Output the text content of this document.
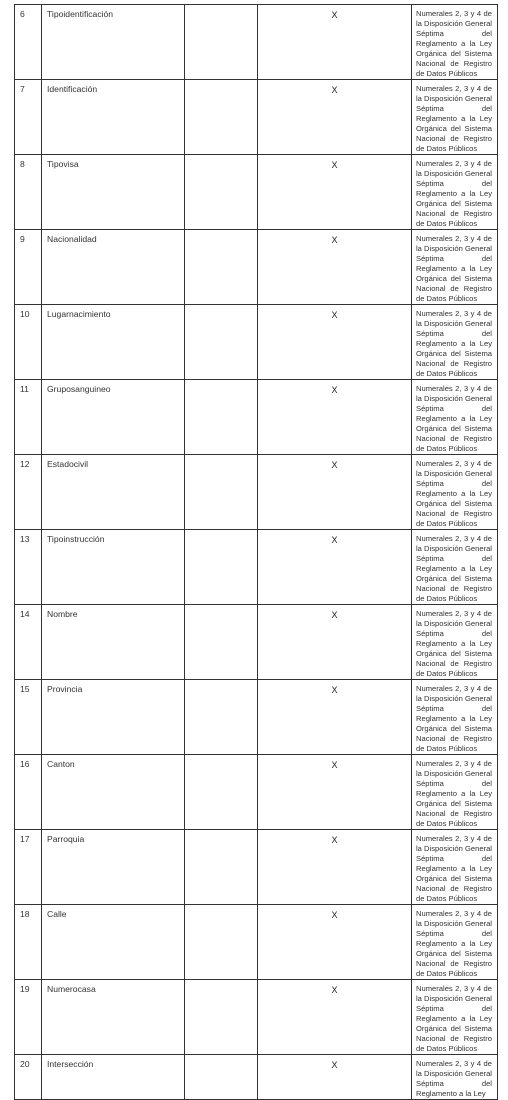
6	Tipoidentificación		X	Numerales 2, 3 y 4 de la Disposición General Séptima del Reglamento a la Ley Orgánica del Sistema Nacional de Registro de Datos Públicos
7	Identificación		X	Numerales 2, 3 y 4 de la Disposición General Séptima del Reglamento a la Ley Orgánica del Sistema Nacional de Registro de Datos Públicos
8	Tipovisa		X	Numerales 2, 3 y 4 de la Disposición General Séptima del Reglamento a la Ley Orgánica del Sistema Nacional de Registro de Datos Públicos
9	Nacionalidad		X	Numerales 2, 3 y 4 de la Disposición General Séptima del Reglamento a la Ley Orgánica del Sistema Nacional de Registro de Datos Públicos
10	Lugarnacimiento		X	Numerales 2, 3 y 4 de la Disposición General Séptima del Reglamento a la Ley Orgánica del Sistema Nacional de Registro de Datos Públicos
11	Gruposanguineo		X	Numerales 2, 3 y 4 de la Disposición General Séptima del Reglamento a la Ley Orgánica del Sistema Nacional de Registro de Datos Públicos
12	Estadocivil		X	Numerales 2, 3 y 4 de la Disposición General Séptima del Reglamento a la Ley Orgánica del Sistema Nacional de Registro de Datos Públicos
13	Tipoinstrucción		X	Numerales 2, 3 y 4 de la Disposición General Séptima del Reglamento a la Ley Orgánica del Sistema Nacional de Registro de Datos Públicos
14	Nombre		X	Numerales 2, 3 y 4 de la Disposición General Séptima del Reglamento a la Ley Orgánica del Sistema Nacional de Registro de Datos Públicos
15	Provincia		X	Numerales 2, 3 y 4 de la Disposición General Séptima del Reglamento a la Ley Orgánica del Sistema Nacional de Registro de Datos Públicos
16	Canton		X	Numerales 2, 3 y 4 de la Disposición General Séptima del Reglamento a la Ley Orgánica del Sistema Nacional de Registro de Datos Públicos
17	Parroquia		X	Numerales 2, 3 y 4 de la Disposición General Séptima del Reglamento a la Ley Orgánica del Sistema Nacional de Registro de Datos Públicos
18	Calle		X	Numerales 2, 3 y 4 de la Disposición General Séptima del Reglamento a la Ley Orgánica del Sistema Nacional de Registro de Datos Públicos
19	Numerocasa		X	Numerales 2, 3 y 4 de la Disposición General Séptima del Reglamento a la Ley Orgánica del Sistema Nacional de Registro de Datos Públicos
20	Intersección		X	Numerales 2, 3 y 4 de la Disposición General Séptima del Reglamento a la Ley
